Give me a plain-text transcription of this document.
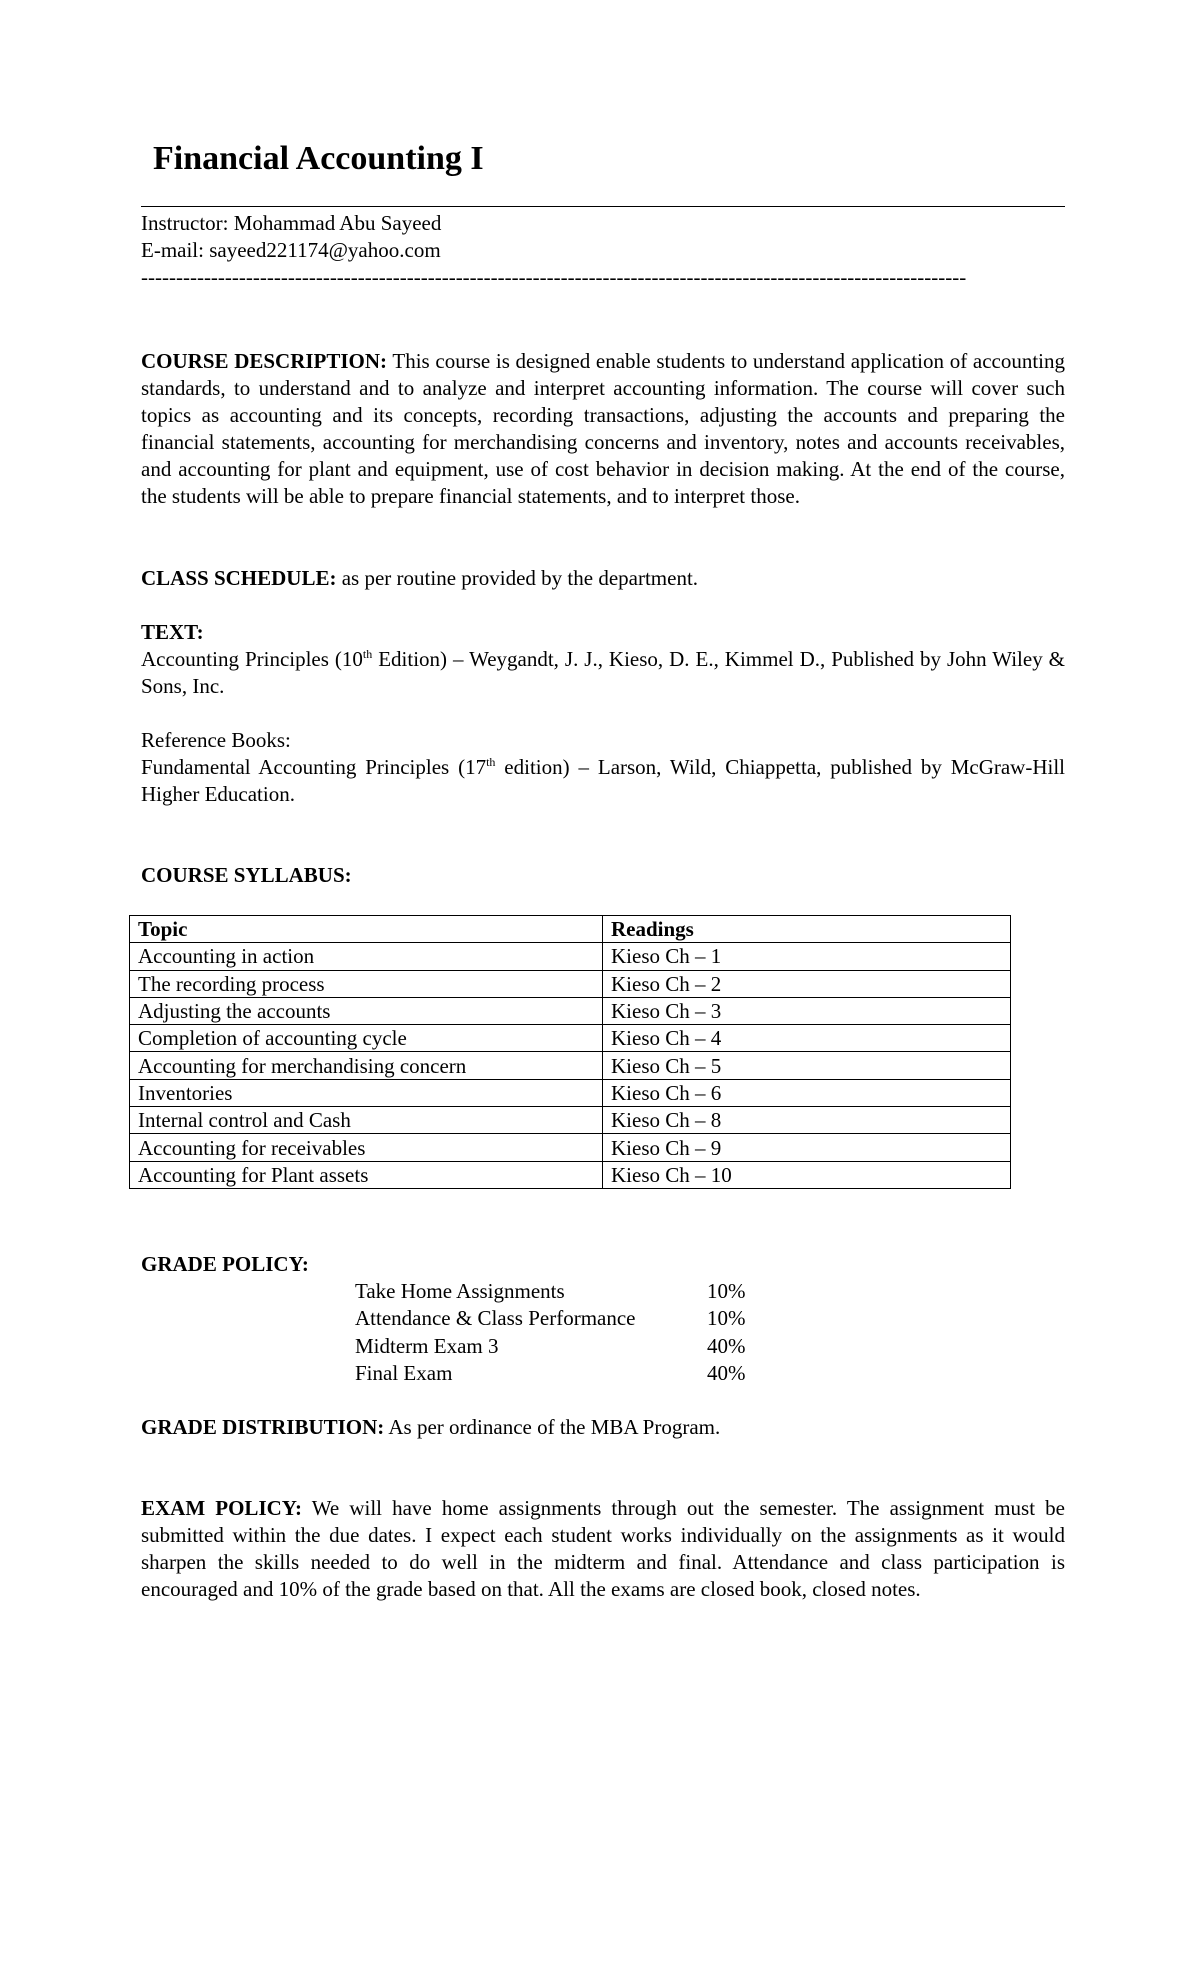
Financial Accounting I
Instructor: Mohammad Abu Sayeed
E-mail: sayeed221174@yahoo.com
----------------------------------------------------------------------------------------------------------------------

COURSE DESCRIPTION: This course is designed enable students to understand application of accounting standards, to understand and to analyze and interpret accounting information. The course will cover such topics as accounting and its concepts, recording transactions, adjusting the accounts and preparing the financial statements, accounting for merchandising concerns and inventory, notes and accounts receivables, and accounting for plant and equipment, use of cost behavior in decision making. At the end of the course, the students will be able to prepare financial statements, and to interpret those.

CLASS SCHEDULE: as per routine provided by the department.

TEXT:

Accounting Principles (10th Edition) – Weygandt, J. J., Kieso, D. E., Kimmel D., Published by John Wiley & Sons, Inc.

Reference Books:

Fundamental Accounting Principles (17th edition) – Larson, Wild, Chiappetta, published by McGraw-Hill Higher Education.

COURSE SYLLABUS:

Topic	Readings
Accounting in action	Kieso Ch – 1
The recording process	Kieso Ch – 2
Adjusting the accounts	Kieso Ch – 3
Completion of accounting cycle	Kieso Ch – 4
Accounting for merchandising concern	Kieso Ch – 5
Inventories	Kieso Ch – 6
Internal control and Cash	Kieso Ch – 8
Accounting for receivables	Kieso Ch – 9
Accounting for Plant assets	Kieso Ch – 10

GRADE POLICY:

Take Home Assignments	10%
Attendance & Class Performance	10%
Midterm Exam 3	40%
Final Exam	40%

GRADE DISTRIBUTION: As per ordinance of the MBA Program.

EXAM POLICY: We will have home assignments through out the semester. The assignment must be submitted within the due dates. I expect each student works individually on the assignments as it would sharpen the skills needed to do well in the midterm and final. Attendance and class participation is encouraged and 10% of the grade based on that. All the exams are closed book, closed notes.
